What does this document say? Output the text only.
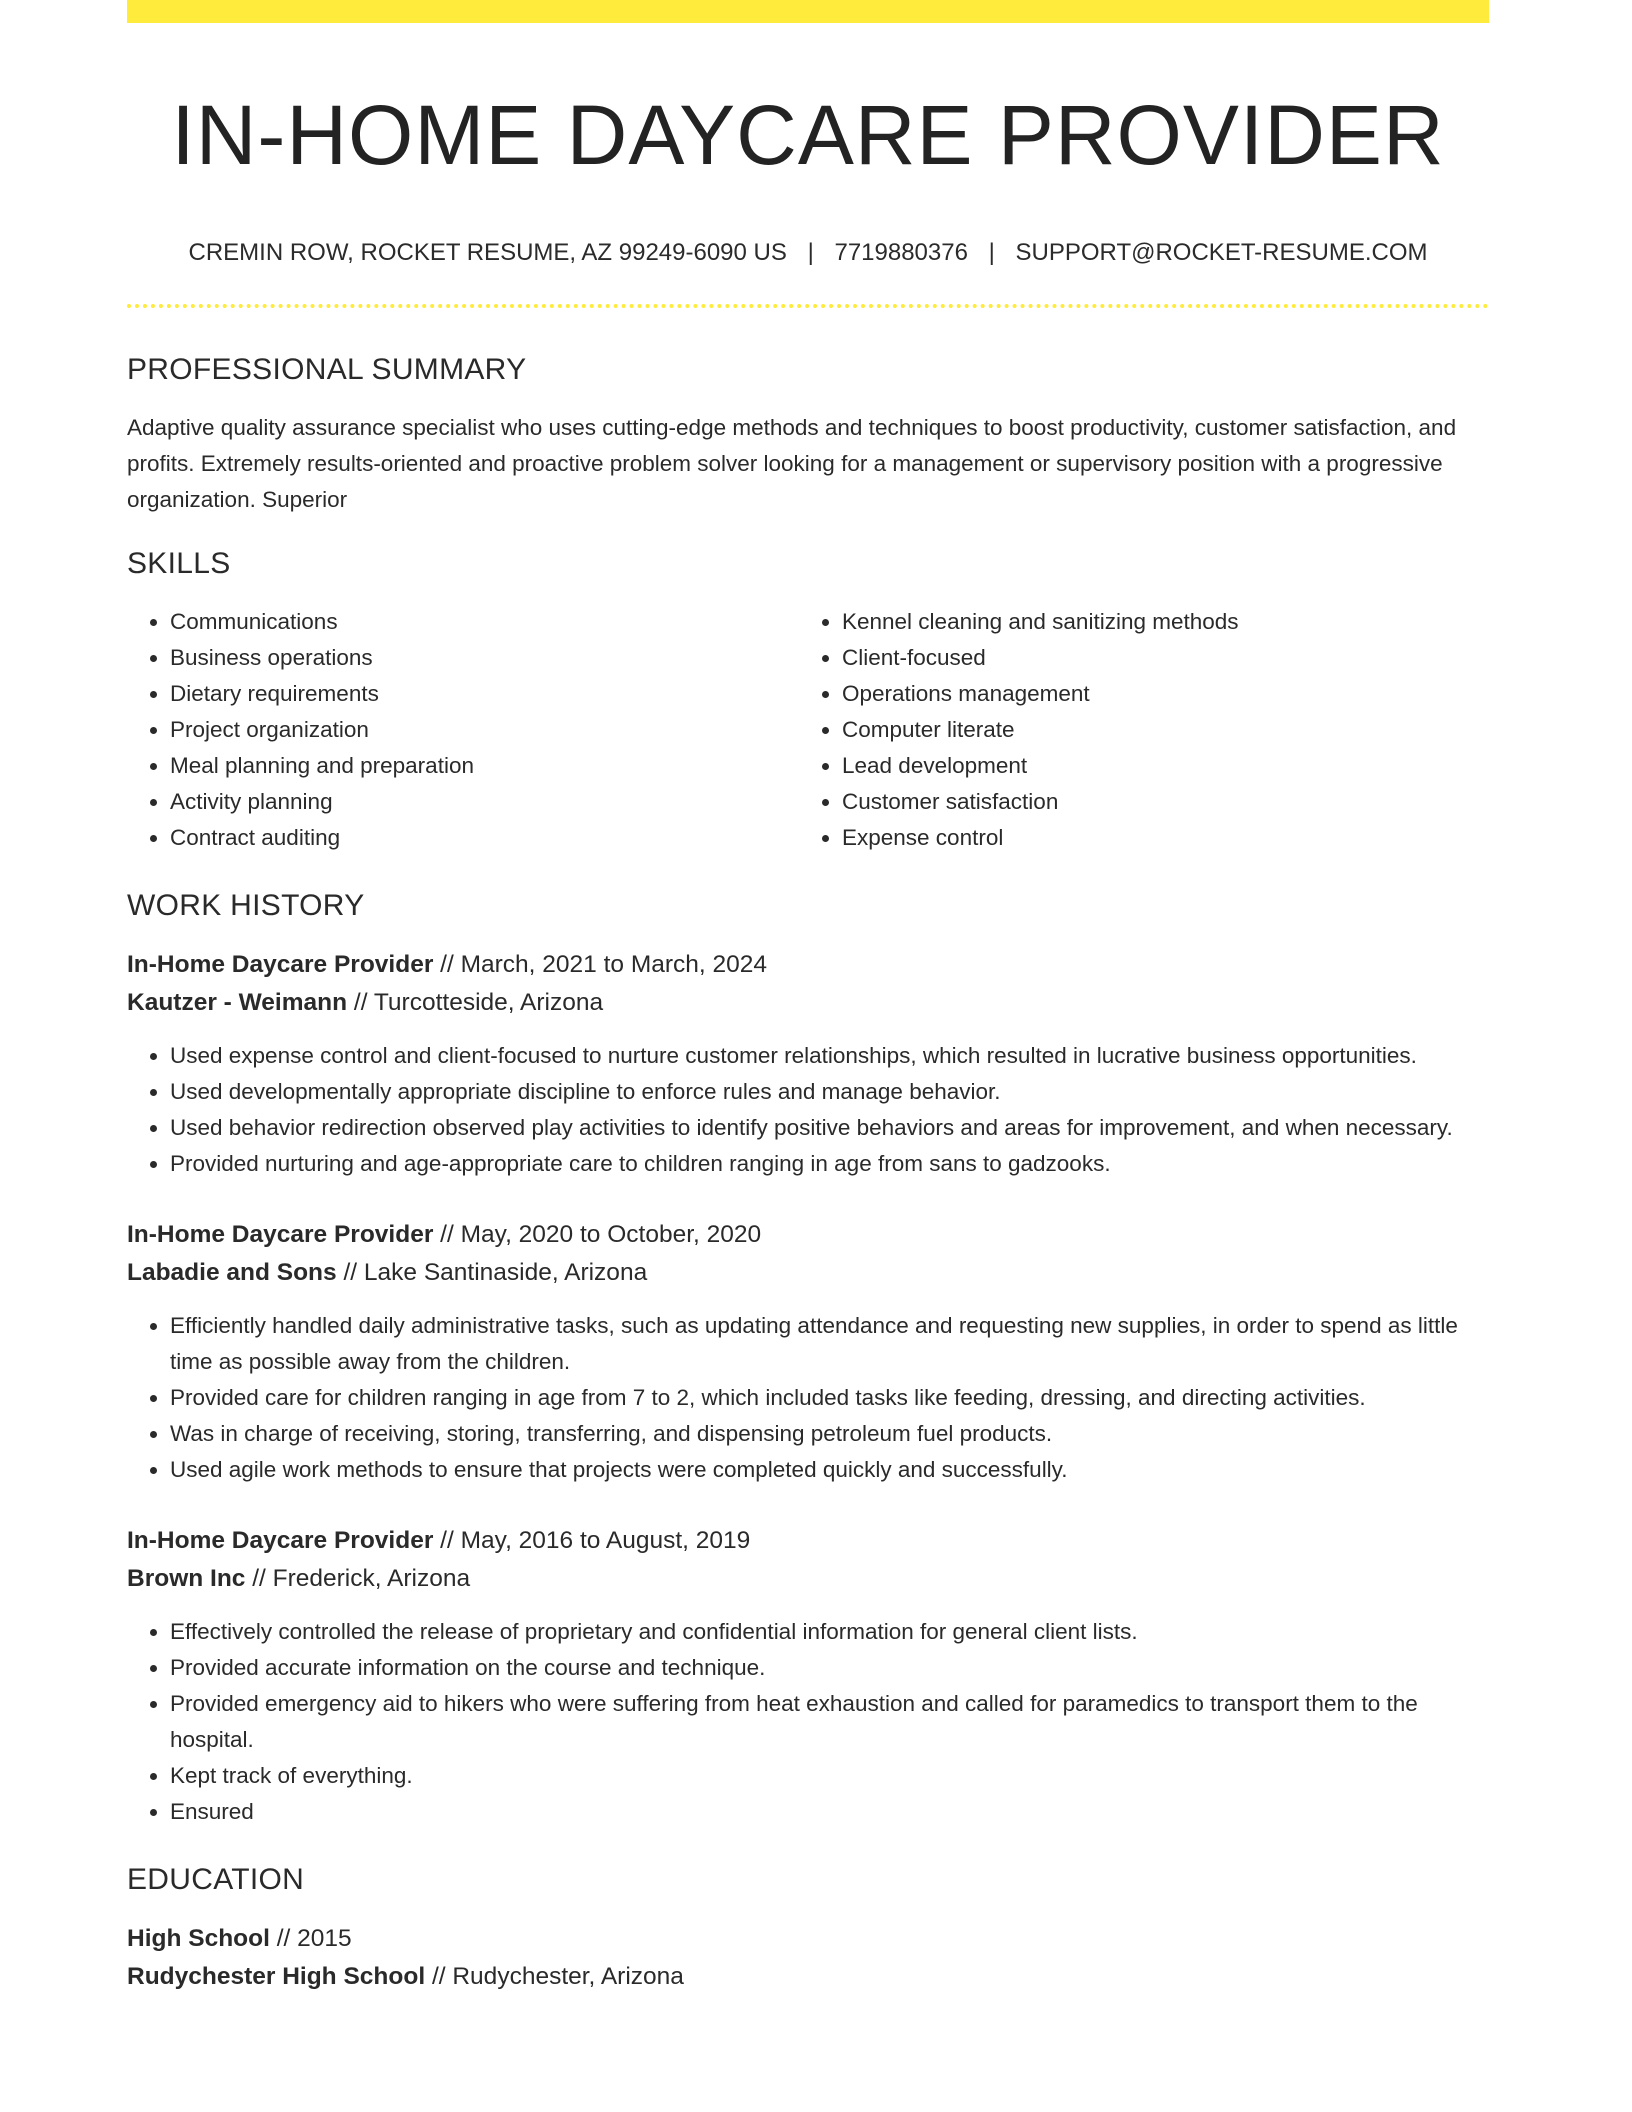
IN-HOME DAYCARE PROVIDER
CREMIN ROW, ROCKET RESUME, AZ 99249-6090 US | 7719880376 | SUPPORT@ROCKET-RESUME.COM
PROFESSIONAL SUMMARY
Adaptive quality assurance specialist who uses cutting-edge methods and techniques to boost productivity, customer satisfaction, and profits. Extremely results-oriented and proactive problem solver looking for a management or supervisory position with a progressive organization. Superior
SKILLS
• Communications
• Business operations
• Dietary requirements
• Project organization
• Meal planning and preparation
• Activity planning
• Contract auditing
• Kennel cleaning and sanitizing methods
• Client-focused
• Operations management
• Computer literate
• Lead development
• Customer satisfaction
• Expense control
WORK HISTORY
In-Home Daycare Provider // March, 2021 to March, 2024
Kautzer - Weimann // Turcotteside, Arizona
• Used expense control and client-focused to nurture customer relationships, which resulted in lucrative business opportunities.
• Used developmentally appropriate discipline to enforce rules and manage behavior.
• Used behavior redirection observed play activities to identify positive behaviors and areas for improvement, and when necessary.
• Provided nurturing and age-appropriate care to children ranging in age from sans to gadzooks.
In-Home Daycare Provider // May, 2020 to October, 2020
Labadie and Sons // Lake Santinaside, Arizona
• Efficiently handled daily administrative tasks, such as updating attendance and requesting new supplies, in order to spend as little time as possible away from the children.
• Provided care for children ranging in age from 7 to 2, which included tasks like feeding, dressing, and directing activities.
• Was in charge of receiving, storing, transferring, and dispensing petroleum fuel products.
• Used agile work methods to ensure that projects were completed quickly and successfully.
In-Home Daycare Provider // May, 2016 to August, 2019
Brown Inc // Frederick, Arizona
• Effectively controlled the release of proprietary and confidential information for general client lists.
• Provided accurate information on the course and technique.
• Provided emergency aid to hikers who were suffering from heat exhaustion and called for paramedics to transport them to the hospital.
• Kept track of everything.
• Ensured
EDUCATION
High School // 2015
Rudychester High School // Rudychester, Arizona
